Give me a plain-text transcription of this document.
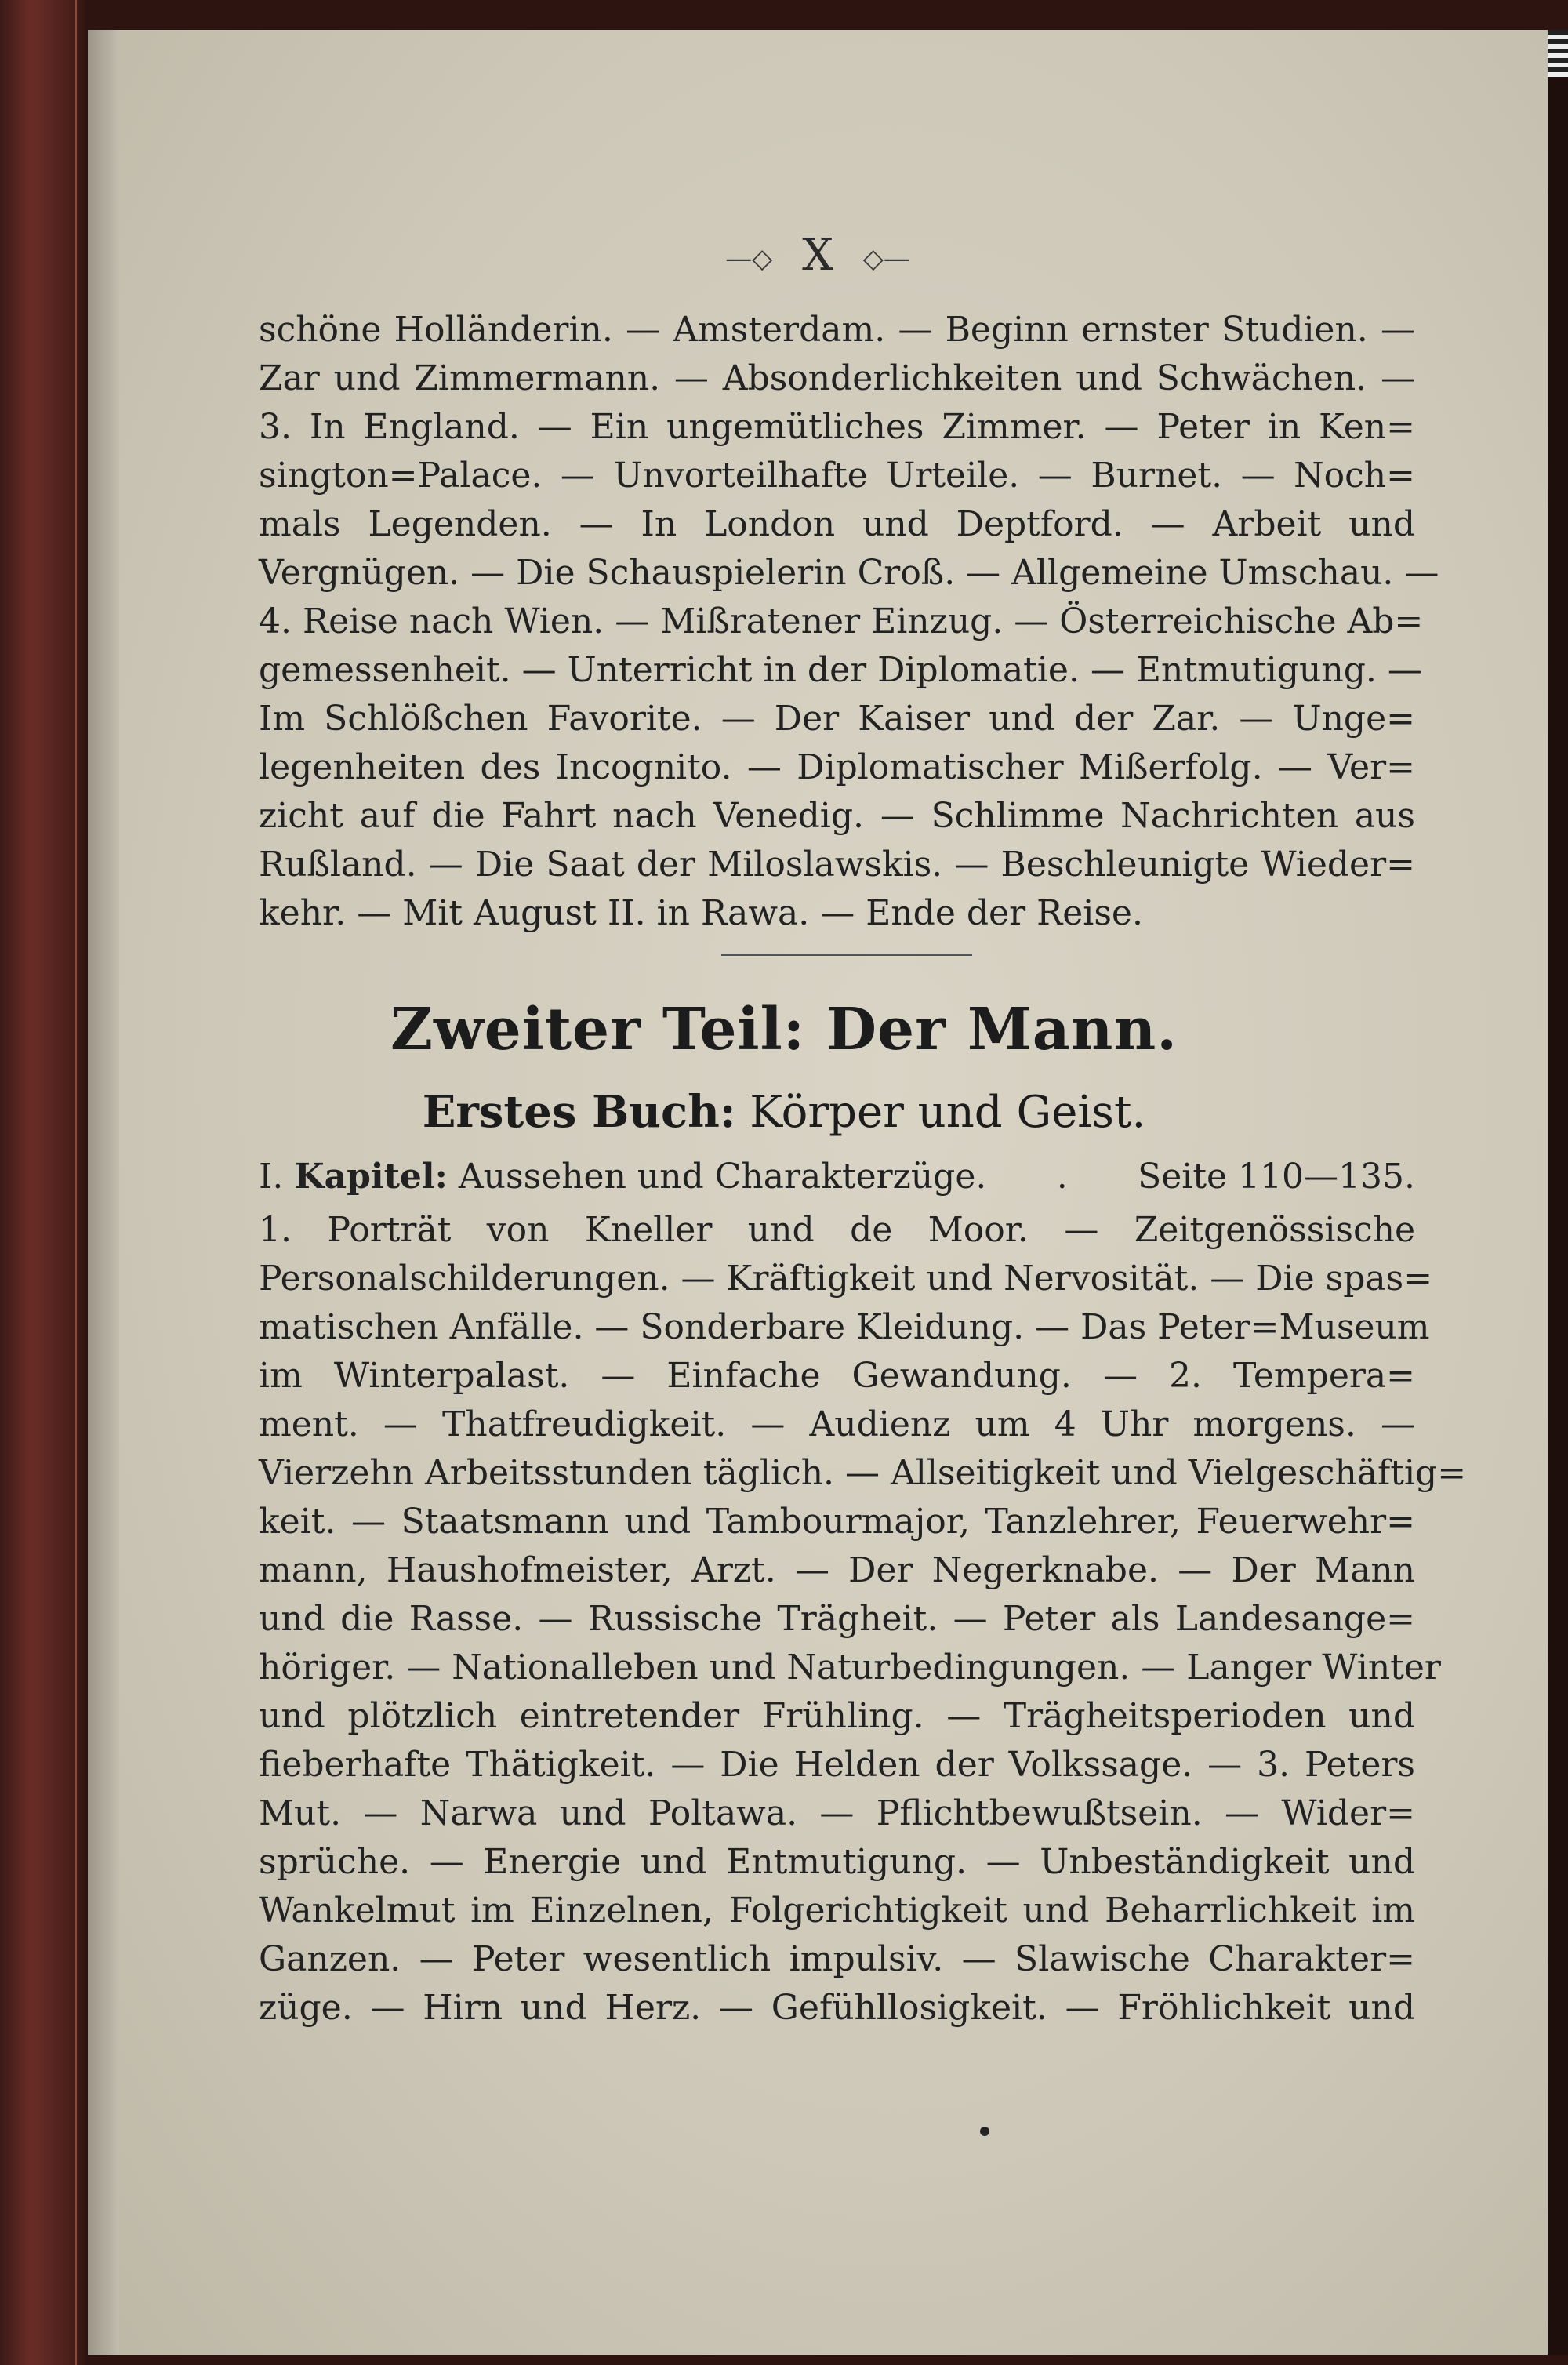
—◇ X ◇—
schöne Holländerin. — Amsterdam. — Beginn ernster Studien. —
Zar und Zimmermann. — Absonderlichkeiten und Schwächen. —
3. In England. — Ein ungemütliches Zimmer. — Peter in Ken=
sington=Palace. — Unvorteilhafte Urteile. — Burnet. — Noch=
mals Legenden. — In London und Deptford. — Arbeit und
Vergnügen. — Die Schauspielerin Croß. — Allgemeine Umschau. —
4. Reise nach Wien. — Mißratener Einzug. — Österreichische Ab=
gemessenheit. — Unterricht in der Diplomatie. — Entmutigung. —
Im Schlößchen Favorite. — Der Kaiser und der Zar. — Unge=
legenheiten des Incognito. — Diplomatischer Mißerfolg. — Ver=
zicht auf die Fahrt nach Venedig. — Schlimme Nachrichten aus
Rußland. — Die Saat der Miloslawskis. — Beschleunigte Wieder=
kehr. — Mit August II. in Rawa. — Ende der Reise.
Zweiter Teil: Der Mann.
Erstes Buch: Körper und Geist.
I. Kapitel: Aussehen und Charakterzüge. . Seite 110—135.
1. Porträt von Kneller und de Moor. — Zeitgenössische
Personalschilderungen. — Kräftigkeit und Nervosität. — Die spas=
matischen Anfälle. — Sonderbare Kleidung. — Das Peter=Museum
im Winterpalast. — Einfache Gewandung. — 2. Tempera=
ment. — Thatfreudigkeit. — Audienz um 4 Uhr morgens. —
Vierzehn Arbeitsstunden täglich. — Allseitigkeit und Vielgeschäftig=
keit. — Staatsmann und Tambourmajor, Tanzlehrer, Feuerwehr=
mann, Haushofmeister, Arzt. — Der Negerknabe. — Der Mann
und die Rasse. — Russische Trägheit. — Peter als Landesange=
höriger. — Nationalleben und Naturbedingungen. — Langer Winter
und plötzlich eintretender Frühling. — Trägheitsperioden und
fieberhafte Thätigkeit. — Die Helden der Volkssage. — 3. Peters
Mut. — Narwa und Poltawa. — Pflichtbewußtsein. — Wider=
sprüche. — Energie und Entmutigung. — Unbeständigkeit und
Wankelmut im Einzelnen, Folgerichtigkeit und Beharrlichkeit im
Ganzen. — Peter wesentlich impulsiv. — Slawische Charakter=
züge. — Hirn und Herz. — Gefühllosigkeit. — Fröhlichkeit und
